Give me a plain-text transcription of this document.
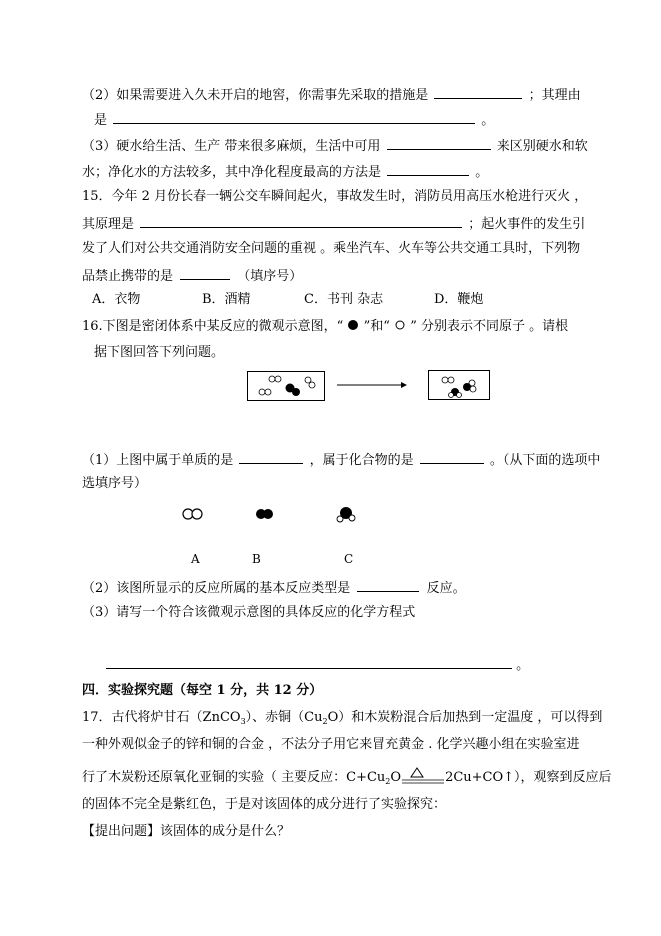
（2）如果需要进入久未开启的地窖，你需事先采取的措施是	；其理由
是	。
（3）硬水给生活、生产 带来很多麻烦，生活中可用	来区别硬水和软
水；净化水的方法较多，其中净化程度最高的方法是	。
15．今年 2 月份长春一辆公交车瞬间起火，事故发生时，消防员用高压水枪进行灭火 ，
其原理是	；起火事件的发生引
发了人们对公共交通消防安全问题的重视 。乘坐汽车、火车等公共交通工具时，下列物
品禁止携带的是	（填序号）
A．衣物	B．酒精	C．书刊 杂志	D．鞭炮
16.下图是密闭体系中某反应的微观示意图，“ ”和“ ” 分别表示不同原子 。请根
据下图回答下列问题。
（1）上图中属于单质的是	，属于化合物的是	。（从下面的选项中
选填序号）
A	B	C
（2）该图所显示的反应所属的基本反应类型是	反应。
（3）请写一个符合该微观示意图的具体反应的化学方程式
。
四．实验探究题（每空 1 分，共 12 分）
17．古代将炉甘石（ZnCO$_3$）、赤铜$(Cu_2O)$和木炭粉混合后加热到一定温度 ，可以得到
一种外观似金子的锌和铜的合金 ，不法分子用它来冒充黄金 . 化学兴趣小组在实验室进
行了木炭粉还原氧化亚铜的实验（ 主要反应：$C+Cu_2O$	2Cu+CO↑），观察到反应后
的固体不完全是紫红色，于是对该固体的成分进行了实验探究：
【提出问题】该固体的成分是什么？
